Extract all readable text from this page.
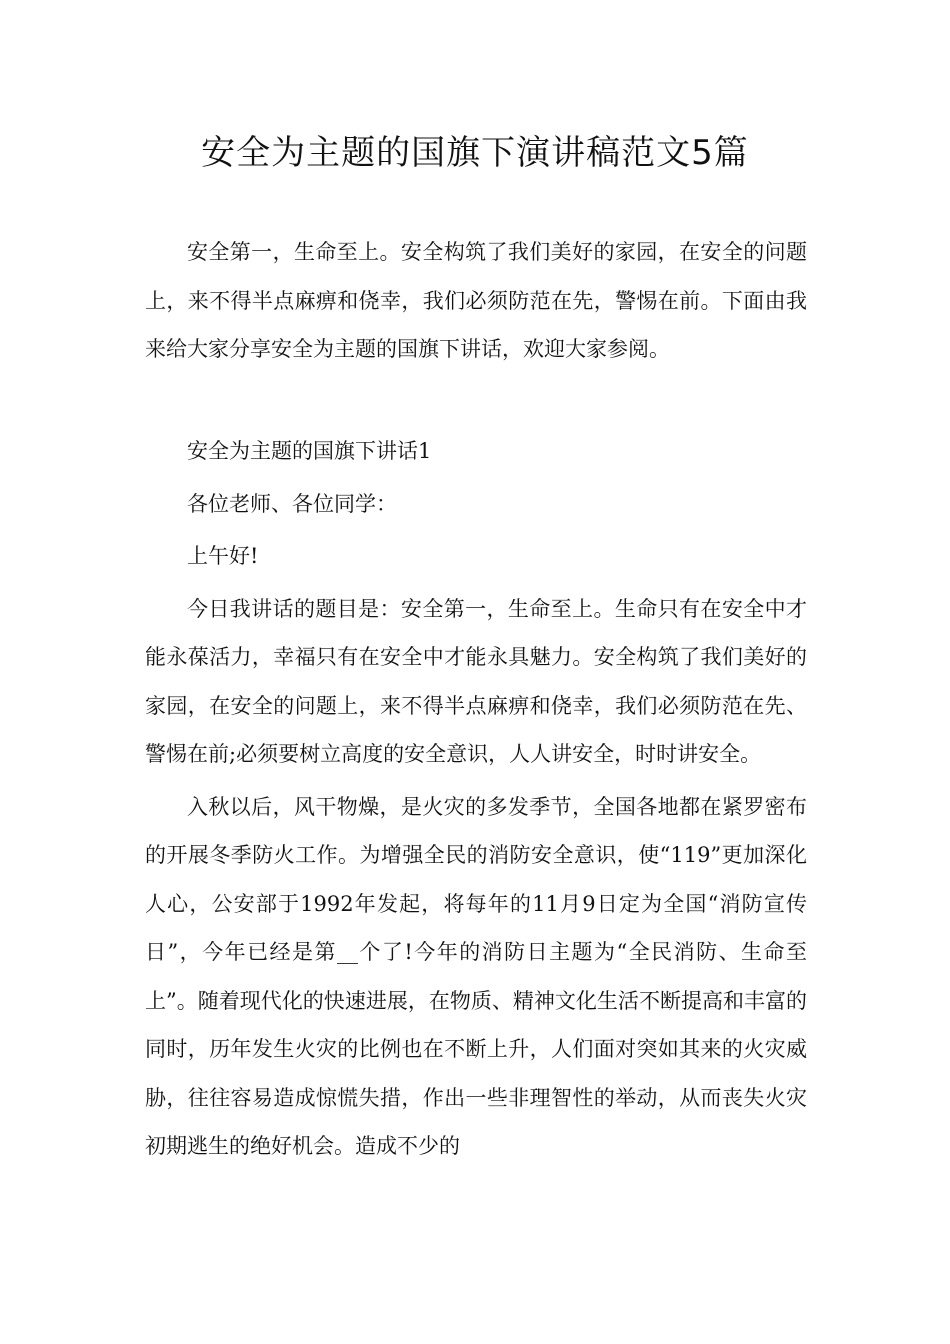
安全为主题的国旗下演讲稿范文5篇

安全第一，生命至上。安全构筑了我们美好的家园，在安全的问题上，来不得半点麻痹和侥幸，我们必须防范在先，警惕在前。下面由我来给大家分享安全为主题的国旗下讲话，欢迎大家参阅。

安全为主题的国旗下讲话1

各位老师、各位同学：

上午好!

今日我讲话的题目是：安全第一，生命至上。生命只有在安全中才能永葆活力，幸福只有在安全中才能永具魅力。安全构筑了我们美好的家园，在安全的问题上，来不得半点麻痹和侥幸，我们必须防范在先、警惕在前;必须要树立高度的安全意识，人人讲安全，时时讲安全。

入秋以后，风干物燥，是火灾的多发季节，全国各地都在紧罗密布的开展冬季防火工作。为增强全民的消防安全意识，使“119”更加深化人心，公安部于1992年发起，将每年的11月9日定为全国“消防宣传日”，今年已经是第__个了!今年的消防日主题为“全民消防、生命至上”。随着现代化的快速进展，在物质、精神文化生活不断提高和丰富的同时，历年发生火灾的比例也在不断上升，人们面对突如其来的火灾威胁，往往容易造成惊慌失措，作出一些非理智性的举动，从而丧失火灾初期逃生的绝好机会。造成不少的
